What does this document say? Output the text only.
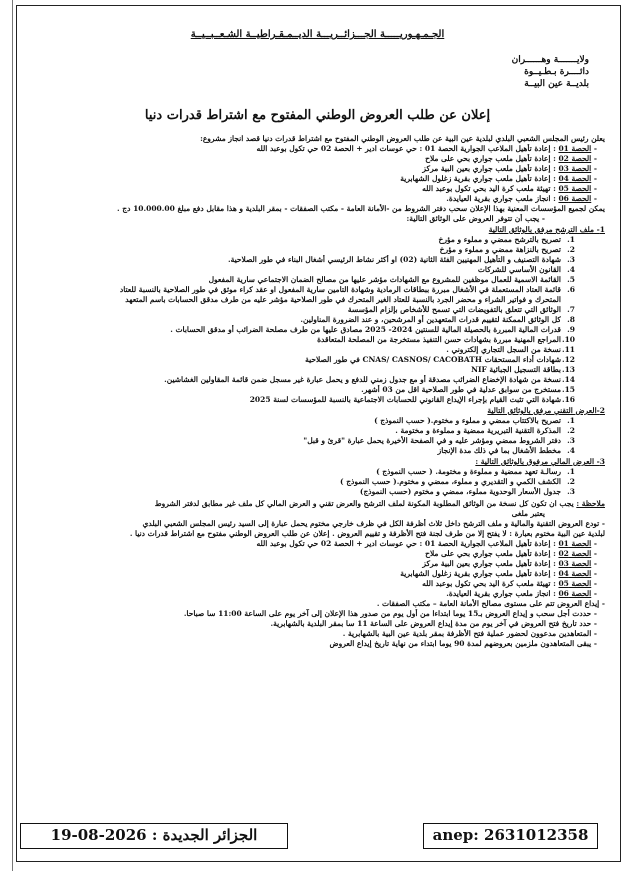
الجـمـهـوريـــــة الجـــزائــريـــة الديــمـقـراطيــة الشـعــبــيــة
ولايـــــــة وهــــــران
دائــــرة بـطـيــوة
بلديــة عين البيــة
إعلان عن طلب العروض الوطني المفتوح مع اشتراط قدرات دنيا
يعلن رئيس المجلس الشعبي البلدي لبلدية عين البية عن طلب العروض الوطني المفتوح مع اشتراط قدرات دنيا قصد انجاز مشروع:
- الحصة 01 : إعادة تأهيل الملاعب الجوارية الحصة 01 : حي عوسات ادير + الحصة 02 حي تكول بوعبد الله
- الحصة 02 : إعادة تأهيل ملعب جواري بحي على ملاح
- الحصة 03 : إعادة تأهيل ملعب جواري بعين البية مركز
- الحصة 04 : إعادة تأهيل ملعب جواري بقرية زغلول الشهابرية
- الحصة 05 : تهيئة ملعب كرة اليد بحي تكول بوعبد الله
- الحصة 06 : انجاز ملعب جواري بقرية العيايدة.
يمكن لجميع المؤسسات المعنية بهذا الإعلان سحب دفتر الشروط من -الأمانة العامة - مكتب الصفقات - بمقر البلدية و هذا مقابل دفع مبلغ 10.000.00 دج .
- يجب أن تتوفر العروض على الوثائق التالية:
1- ملف الترشح مرفق بالوثائق التالية
1.
تصريح بالترشح ممضي و مملوء و مؤرخ
2.
تصريح بالنزاهة ممضي و مملوء و مؤرخ
3.
شهادة التصنيف و التأهيل المهنيين الفئة الثانية (02) او أكثر نشاط الرئيسي أشغال البناء في طور الصلاحية.
4.
القانون الأساسي للشركات
5.
القائمة الاسمية للعمال موظفين للمشروع مع الشهادات مؤشر عليها من مصالح الضمان الاجتماعي سارية المفعول
6.
قائمة العتاد المستعملة في الأشغال مبررة ببطاقات الرمادية وشهادة التامين سارية المفعول او عقد كراء موثق في طور الصلاحية بالنسبة للعتاد
المتحرك و فواتير الشراء و محضر الجرد بالنسبة للعتاد الغير المتحرك في طور الصلاحية مؤشر عليه من طرف مدقق الحسابات باسم المتعهد
7.
الوثائق التي تتعلق بالتفويضات التي تسمح للأشخاص بإلزام المؤسسة
8.
كل الوثائق الممكنة لتقييم قدرات المتعهدين أو المرشحين، و عند الضرورة المناولين.
9.
قدرات المالية المبررة بالحصيلة المالية للسنتين 2024- 2025 مصادق عليها من طرف مصلحة الضرائب أو مدقق الحسابات .
10.
المراجع المهنية مبررة بشهادات حسن التنفيذ مستخرجة من المصلحة المتعاقدة
11.
نسخة من السجل التجاري إلكتروني .
12.
شهادات أداء المستحقات CNAS/ CASNOS/ CACOBATH في طور الصلاحية
13.
بطاقة التسجيل الجبائية NIF
14.
نسخة من شهادة الإخضاع الضرائب مصدقة أو مع جدول زمني للدفع و يحمل عبارة غير مسجل ضمن قائمة المقاولين الغشاشين.
15.
مستخرج من سوابق عدلية في طور الصلاحية اقل من 03 أشهر.
16.
شهادة التي تثبت القيام بإجراء الإيداع القانوني للحسابات الاجتماعية بالنسبة للمؤسسات لسنة 2025
2-العرض التقني مرفق بالوثائق التالية
1.
تصريح بالاكتتاب ممضي و مملوء و مختوم.( حسب النموذج )
2.
المذكرة التقنية التبريرية ممضية و مملوءة و مختومة .
3.
دفتر الشروط ممضي ومؤشر عليه و في الصفحة الأخيرة يحمل عبارة "قرئ و قبل"
4.
مخطط الأشغال بما في ذلك مدة الإنجاز
3- العرض المالي مرفوق بالوثائق التالية :
1.
رسالـة تعهد ممضية و مملوءة و مختومة. ( حسب النموذج )
2.
الكشف الكمي و التقديري و مملوء، ممضي و مختوم.( حسب النموذج )
3.
جدول الأسعار الوحدوية مملوء، ممضي و مختوم (حسب النموذج)
ملاحظة : يجب ان تكون كل نسخة من الوثائق المطلوبة المكونة لملف الترشح والعرض تقني و العرض المالي كل ملف غير مطابق لدفتر الشروط
يعتبر ملغى
- تودع العروض التقنية والمالية و ملف الترشح داخل ثلاث أظرفة الكل في ظرف خارجي مختوم يحمل عبارة إلى السيد رئيس المجلس الشعبي البلدي
لبلدية عين البية مختوم بعبارة : لا يفتح إلا من طرف لجنة فتح الأظرفة و تقييم العروض . إعلان عن طلب العروض الوطني مفتوح مع اشتراط قدرات دنيا .
- الحصة 01 : إعادة تأهيل الملاعب الجوارية الحصة 01 : حي عوسات ادير + الحصة 02 حي تكول بوعبد الله
- الحصة 02 : إعادة تأهيل ملعب جواري بحي على ملاح
- الحصة 03 : إعادة تأهيل ملعب جواري بعين البية مركز
- الحصة 04 : إعادة تأهيل ملعب جواري بقرية زغلول الشهابرية
- الحصة 05 : تهيئة ملعب كرة اليد بحي تكول بوعبد الله
- الحصة 06 : انجاز ملعب جواري بقرية العيايدة.
- إيداع العروض تتم على مستوى مصالح الأمانة العامة – مكتب الصفقات .
- حددت أجل سحب و إيداع العروض بـ15 يوما ابتداءا من أول يوم من صدور هذا الإعلان إلى آخر يوم على الساعة 11:00 سا صباحا.
- حدد تاريخ فتح العروض في آخر يوم من مدة إيداع العروض على الساعة 11 سا بمقر البلدية بالشهابرية.
- المتعاهدين مدعوون لحضور عملية فتح الأظرفة بمقر بلدية عين البية بالشهابرية .
- يبقى المتعاهدون ملزمين بعروضهم لمدة 90 يوما ابتداء من نهاية تاريخ إيداع العروض
الجزائر الجديدة : 2026-08-19	anep: 2631012358
